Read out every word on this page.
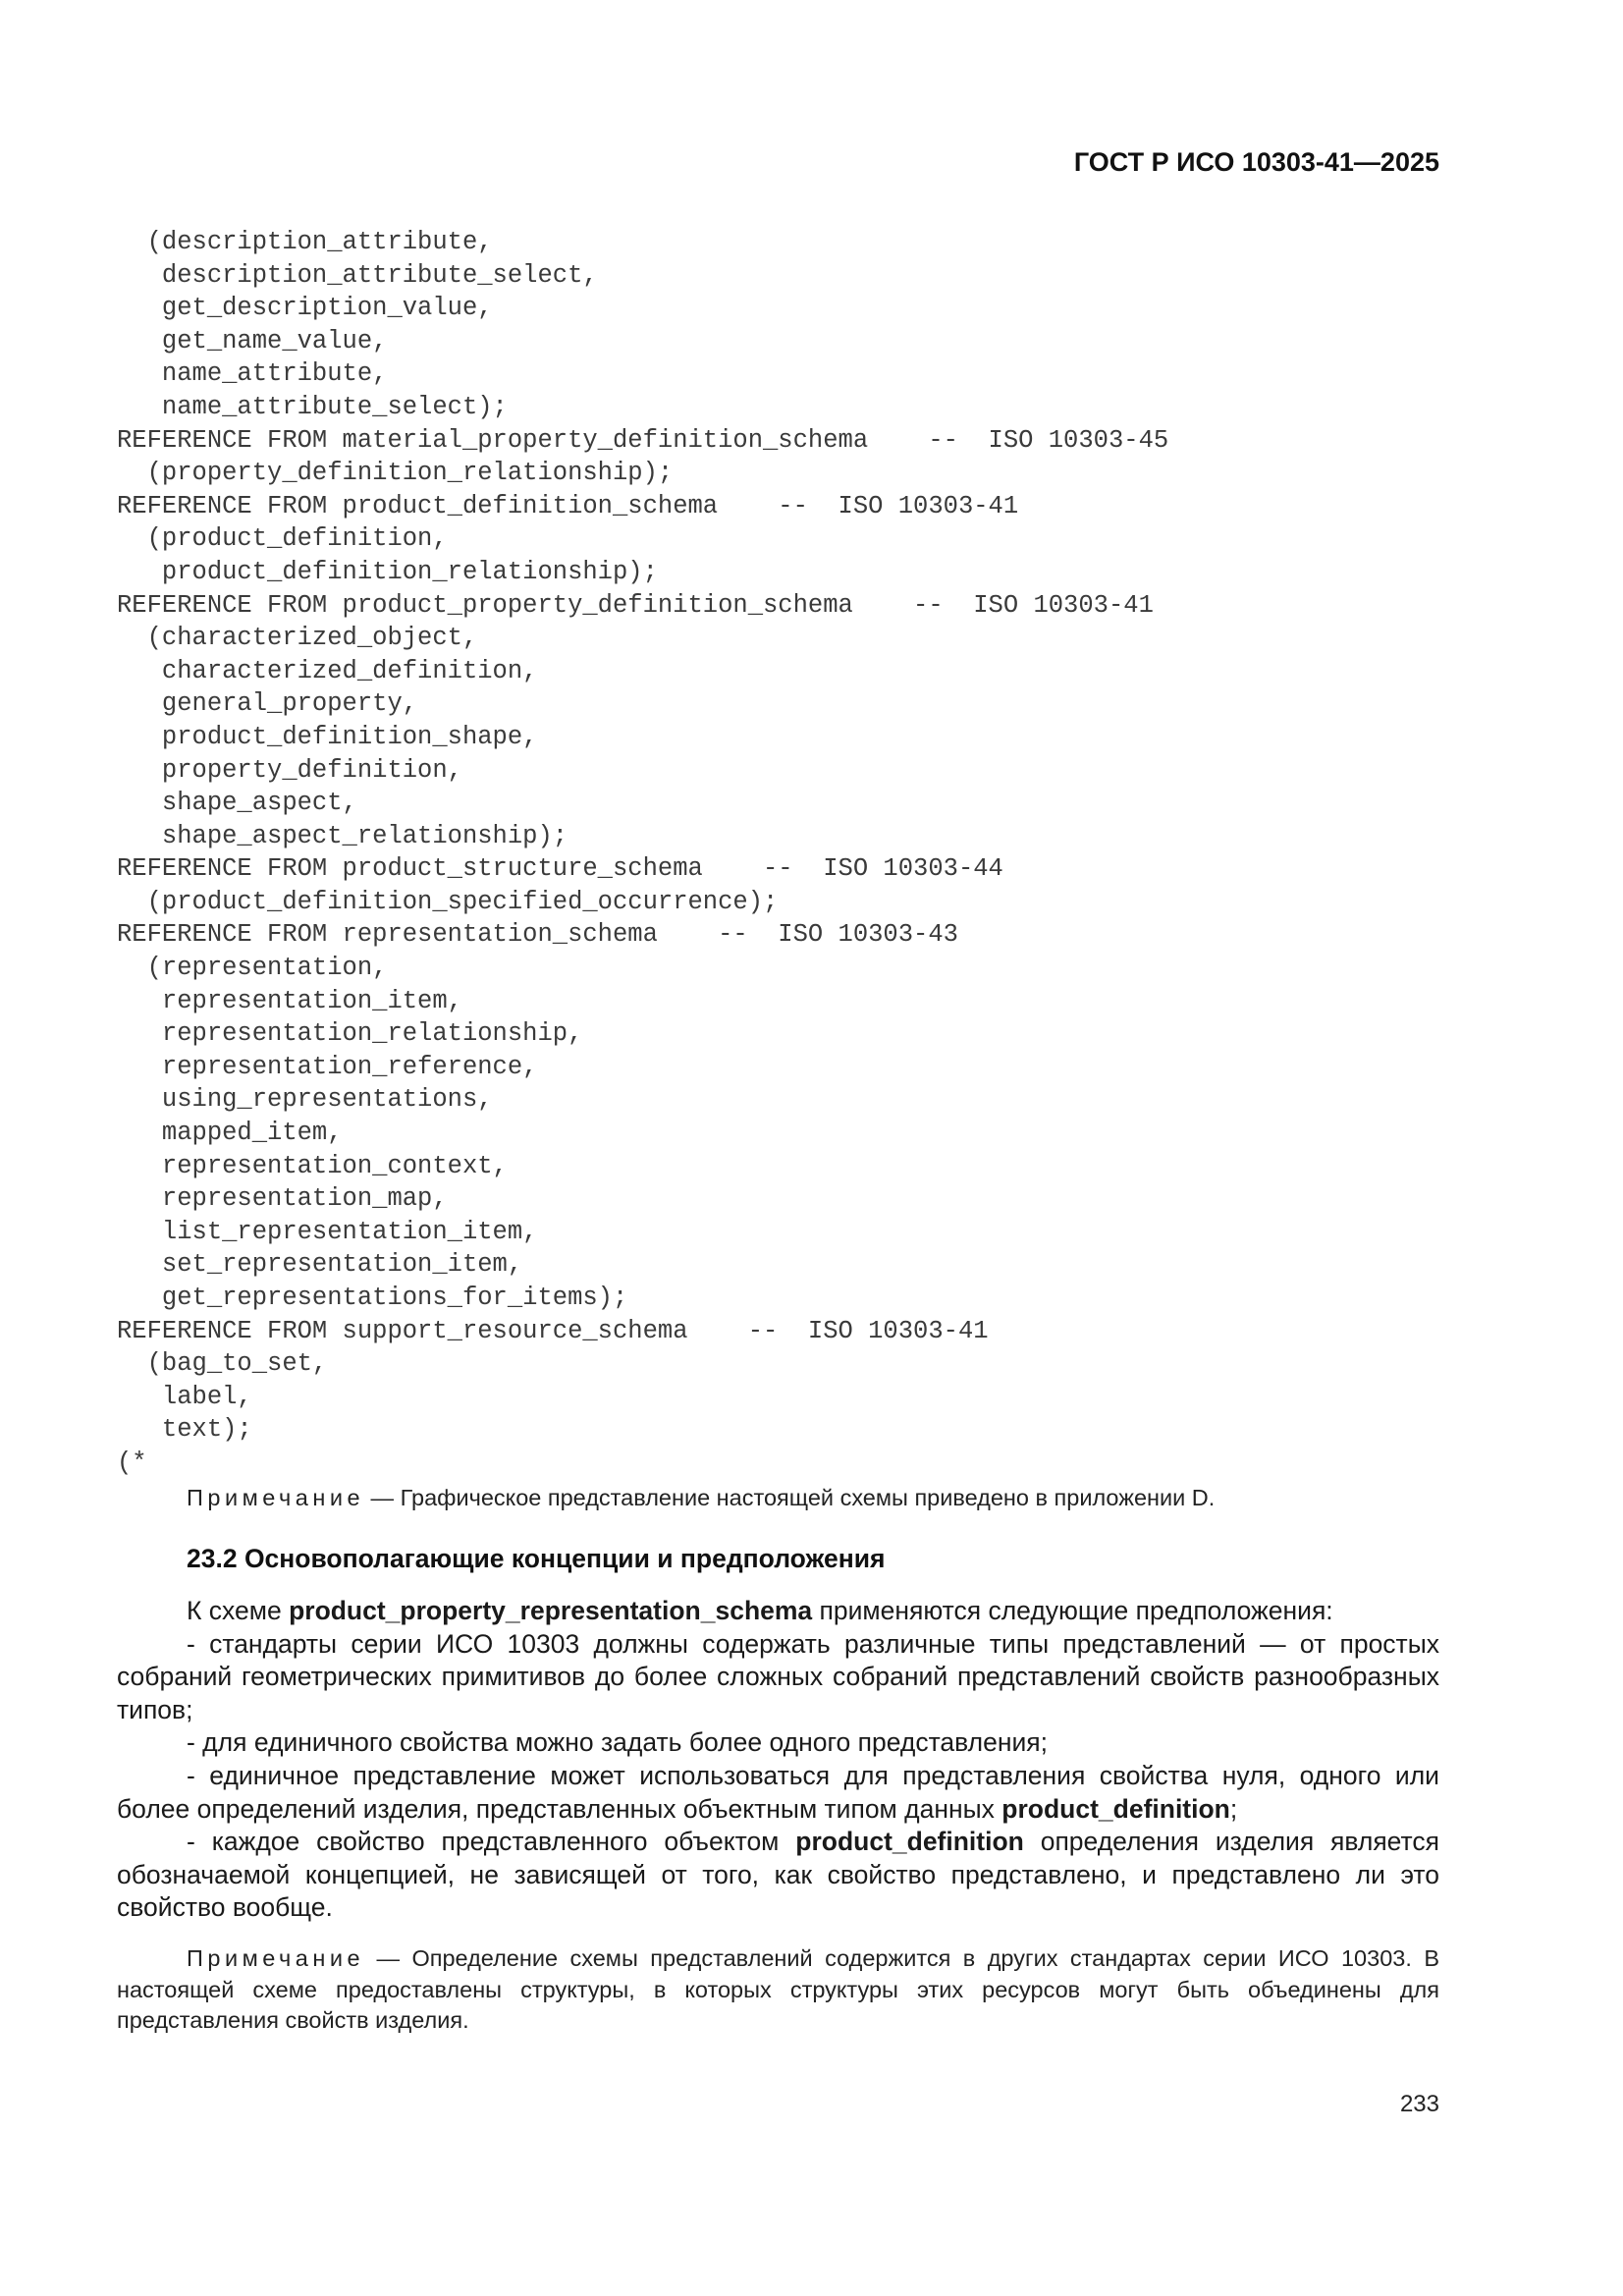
ГОСТ Р ИСО 10303-41—2025
(description_attribute,
description_attribute_select,
get_description_value,
get_name_value,
name_attribute,
name_attribute_select);
REFERENCE FROM material_property_definition_schema    --  ISO 10303-45
(property_definition_relationship);
REFERENCE FROM product_definition_schema    --  ISO 10303-41
(product_definition,
product_definition_relationship);
REFERENCE FROM product_property_definition_schema    --  ISO 10303-41
(characterized_object,
characterized_definition,
general_property,
product_definition_shape,
property_definition,
shape_aspect,
shape_aspect_relationship);
REFERENCE FROM product_structure_schema    --  ISO 10303-44
(product_definition_specified_occurrence);
REFERENCE FROM representation_schema    --  ISO 10303-43
(representation,
representation_item,
representation_relationship,
representation_reference,
using_representations,
mapped_item,
representation_context,
representation_map,
list_representation_item,
set_representation_item,
get_representations_for_items);
REFERENCE FROM support_resource_schema    --  ISO 10303-41
(bag_to_set,
label,
text);
(*
Примечание — Графическое представление настоящей схемы приведено в приложении D.
23.2 Основополагающие концепции и предположения

К схеме product_property_representation_schema применяются следующие предположения:

- стандарты серии ИСО 10303 должны содержать различные типы представлений — от простых собраний геометрических примитивов до более сложных собраний представлений свойств разнообразных типов;

- для единичного свойства можно задать более одного представления;

- единичное представление может использоваться для представления свойства нуля, одного или более определений изделия, представленных объектным типом данных product_definition;

- каждое свойство представленного объектом product_definition определения изделия является обозначаемой концепцией, не зависящей от того, как свойство представлено, и представлено ли это свойство вообще.

Примечание — Определение схемы представлений содержится в других стандартах серии ИСО 10303. В настоящей схеме предоставлены структуры, в которых структуры этих ресурсов могут быть объединены для представления свойств изделия.
233
